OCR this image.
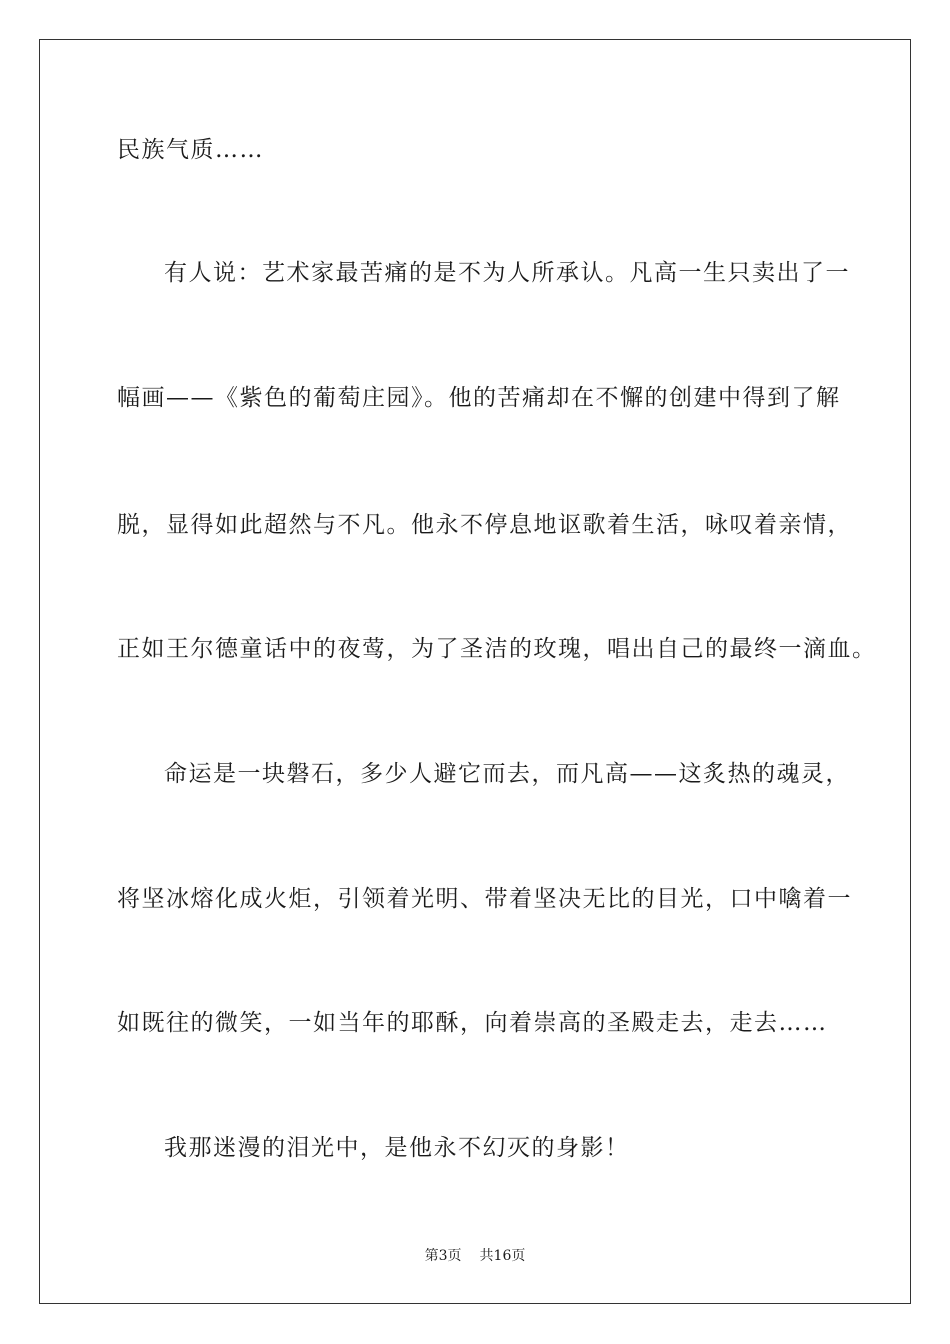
民族气质……
有人说：艺术家最苦痛的是不为人所承认。凡高一生只卖出了一
幅画——《紫色的葡萄庄园》。他的苦痛却在不懈的创建中得到了解
脱，显得如此超然与不凡。他永不停息地讴歌着生活，咏叹着亲情，
正如王尔德童话中的夜莺，为了圣洁的玫瑰，唱出自己的最终一滴血。
命运是一块磐石，多少人避它而去，而凡高——这炙热的魂灵，
将坚冰熔化成火炬，引领着光明、带着坚决无比的目光，口中噙着一
如既往的微笑，一如当年的耶酥，向着崇高的圣殿走去，走去……
我那迷漫的泪光中，是他永不幻灭的身影！
第3页 共16页
